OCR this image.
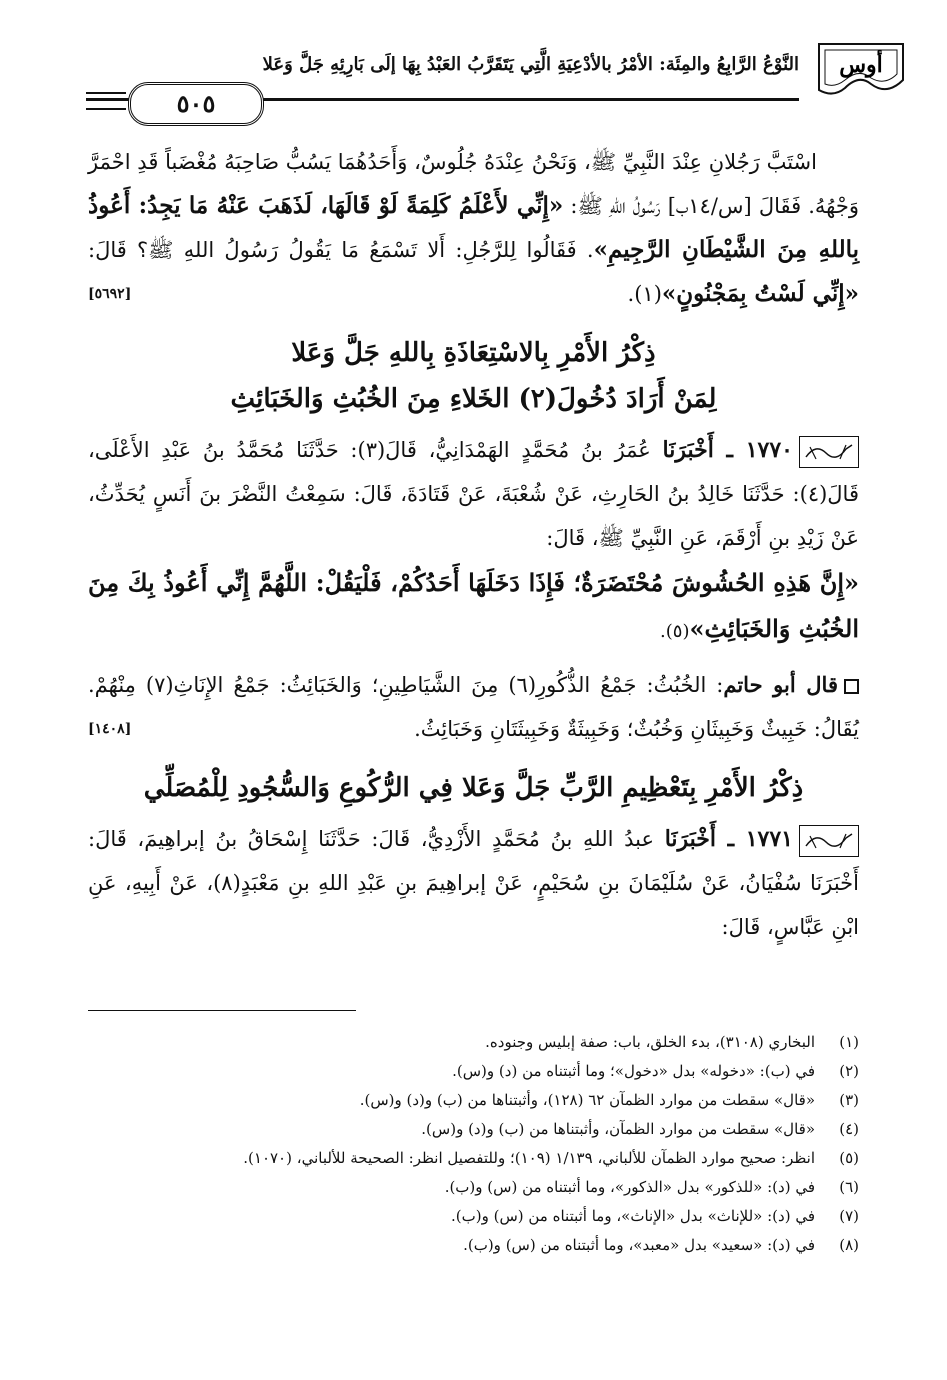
أوس
النَّوْعُ الرَّابِعُ والمِئَة: الأمْرُ بالأدْعِيَةِ الَّتِي يَتَقَرَّبُ العَبْدُ بِهَا إلَى بَارِئِهِ جَلَّ وَعَلا
٥٠٥

  اسْتَبَّ رَجُلانِ عِنْدَ النَّبِيِّ ﷺ، وَنَحْنُ عِنْدَهُ جُلُوسٌ، وَأَحَدُهُمَا يَسُبُّ صَاحِبَهُ مُغْضَباً قَدِ احْمَرَّ وَجْهُهُ. فَقَالَ [س/١٤ب] رَسُولُ اللهِ ﷺ: «إِنِّي لأَعْلَمُ كَلِمَةً لَوْ قَالَهَا، لَذَهَبَ عَنْهُ مَا يَجِدُ: أَعُوذُ بِاللهِ مِنَ الشَّيْطَانِ الرَّجِيمِ». فَقَالُوا لِلرَّجُلِ: أَلا تَسْمَعُ مَا يَقُولُ رَسُولُ اللهِ ﷺ؟ قَالَ: «إِنِّي لَسْتُ بِمَجْنُونٍ»(١).
[٥٦٩٢]

ذِكْرُ الأَمْرِ بِالاسْتِعَاذَةِ بِاللهِ جَلَّ وَعَلا
لِمَنْ أَرَادَ دُخُولَ(٢) الخَلاءِ مِنَ الخُبُثِ وَالخَبَائِثِ

١٧٧٠ ـ أَخْبَرَنَا عُمَرُ بنُ مُحَمَّدٍ الهَمْدَانِيُّ، قَالَ(٣): حَدَّثَنَا مُحَمَّدُ بنُ عَبْدِ الأَعْلَى، قَالَ(٤): حَدَّثَنَا خَالِدُ بنُ الحَارِثِ، عَنْ شُعْبَةَ، عَنْ قَتَادَةَ، قَالَ: سَمِعْتُ النَّضْرَ بنَ أَنَسٍ يُحَدِّثُ، عَنْ زَيْدِ بنِ أَرْقَمَ، عَنِ النَّبِيِّ ﷺ، قَالَ:

«إِنَّ هَذِهِ الحُشُوشَ مُحْتَضَرَةٌ؛ فَإِذَا دَخَلَهَا أَحَدُكُمْ، فَلْيَقُلْ: اللَّهُمَّ إِنِّي أَعُوذُ بِكَ مِنَ الخُبُثِ وَالخَبَائِثِ»(٥).

قال أبو حاتم: الخُبُثُ: جَمْعُ الذُّكُورِ(٦) مِنَ الشَّيَاطِينِ؛ وَالخَبَائِثُ: جَمْعُ الإِنَاثِ(٧) مِنْهُمْ. يُقَالُ: خَبِيثٌ وَخَبِيثَانِ وَخُبُثٌ؛ وَخَبِيثَةٌ وَخَبِيثَتَانِ وَخَبَائِثُ.
[١٤٠٨]

ذِكْرُ الأَمْرِ بِتَعْظِيمِ الرَّبِّ جَلَّ وَعَلا فِي الرُّكُوعِ وَالسُّجُودِ لِلْمُصَلِّي

١٧٧١ ـ أَخْبَرَنَا عبدُ اللهِ بنُ مُحَمَّدٍ الأَزْدِيُّ، قَالَ: حَدَّثَنَا إِسْحَاقُ بنُ إبراهِيمَ، قَالَ: أَخْبَرَنَا سُفْيَانُ، عَنْ سُلَيْمَانَ بنِ سُحَيْمٍ، عَنْ إبراهِيمَ بنِ عَبْدِ اللهِ بنِ مَعْبَدٍ(٨)، عَنْ أَبِيهِ، عَنِ ابْنِ عَبَّاسٍ، قَالَ:

(١)
البخاري (٣١٠٨)، بدء الخلق، باب: صفة إبليس وجنوده.
(٢)
في (ب): «دخوله» بدل «دخول»؛ وما أثبتناه من (د) و(س).
(٣)
«قال» سقطت من موارد الظمآن ٦٢ (١٢٨)، وأثبتناها من (ب) و(د) و(س).
(٤)
«قال» سقطت من موارد الظمآن، وأثبتناها من (ب) و(د) و(س).
(٥)
انظر: صحيح موارد الظمآن للألباني، ١/١٣٩ (١٠٩)؛ وللتفصيل انظر: الصحيحة للألباني، (١٠٧٠).
(٦)
في (د): «للذكور» بدل «الذكور»، وما أثبتناه من (س) و(ب).
(٧)
في (د): «للإناث» بدل «الإناث»، وما أثبتناه من (س) و(ب).
(٨)
في (د): «سعيد» بدل «معبد»، وما أثبتناه من (س) و(ب).
